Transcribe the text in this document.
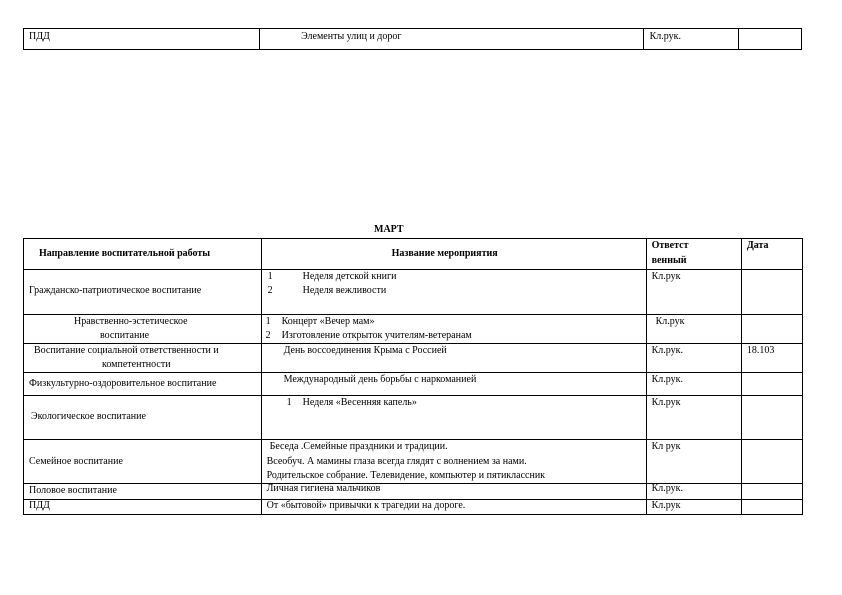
ПДД	Элементы улиц и дорог	Кл.рук.

МАРТ
Направление воспитательной работы	Название мероприятия	Ответст
венный	Дата

Гражданско-патриотическое воспитание	1 Неделя детской книги
2 Неделя вежливости	Кл.рук	

Нравственно-эстетическое
воспитание	1 Концерт «Вечер мам»
2 Изготовление открыток учителям-ветеранам	Кл.рук	

Воспитание социальной ответственности и
компетентности	День воссоединения Крыма с Россией	Кл.рук.	18.103

Физкультурно-оздоровительное воспитание	Международный день борьбы с наркоманией	Кл.рук.	

Экологическое воспитание	1 Неделя «Весенняя капель»	Кл.рук	

Семейное воспитание	Беседа .Семейные праздники и традиции.
Всеобуч. А мамины глаза всегда глядят с волнением за нами.
Родительское собрание. Телевидение, компьютер и пятиклассник	Кл рук	

Половое воспитание	Личная гигиена мальчиков	Кл.рук.	

ПДД	От «бытовой» привычки к трагедии на дороге.	Кл.рук	
